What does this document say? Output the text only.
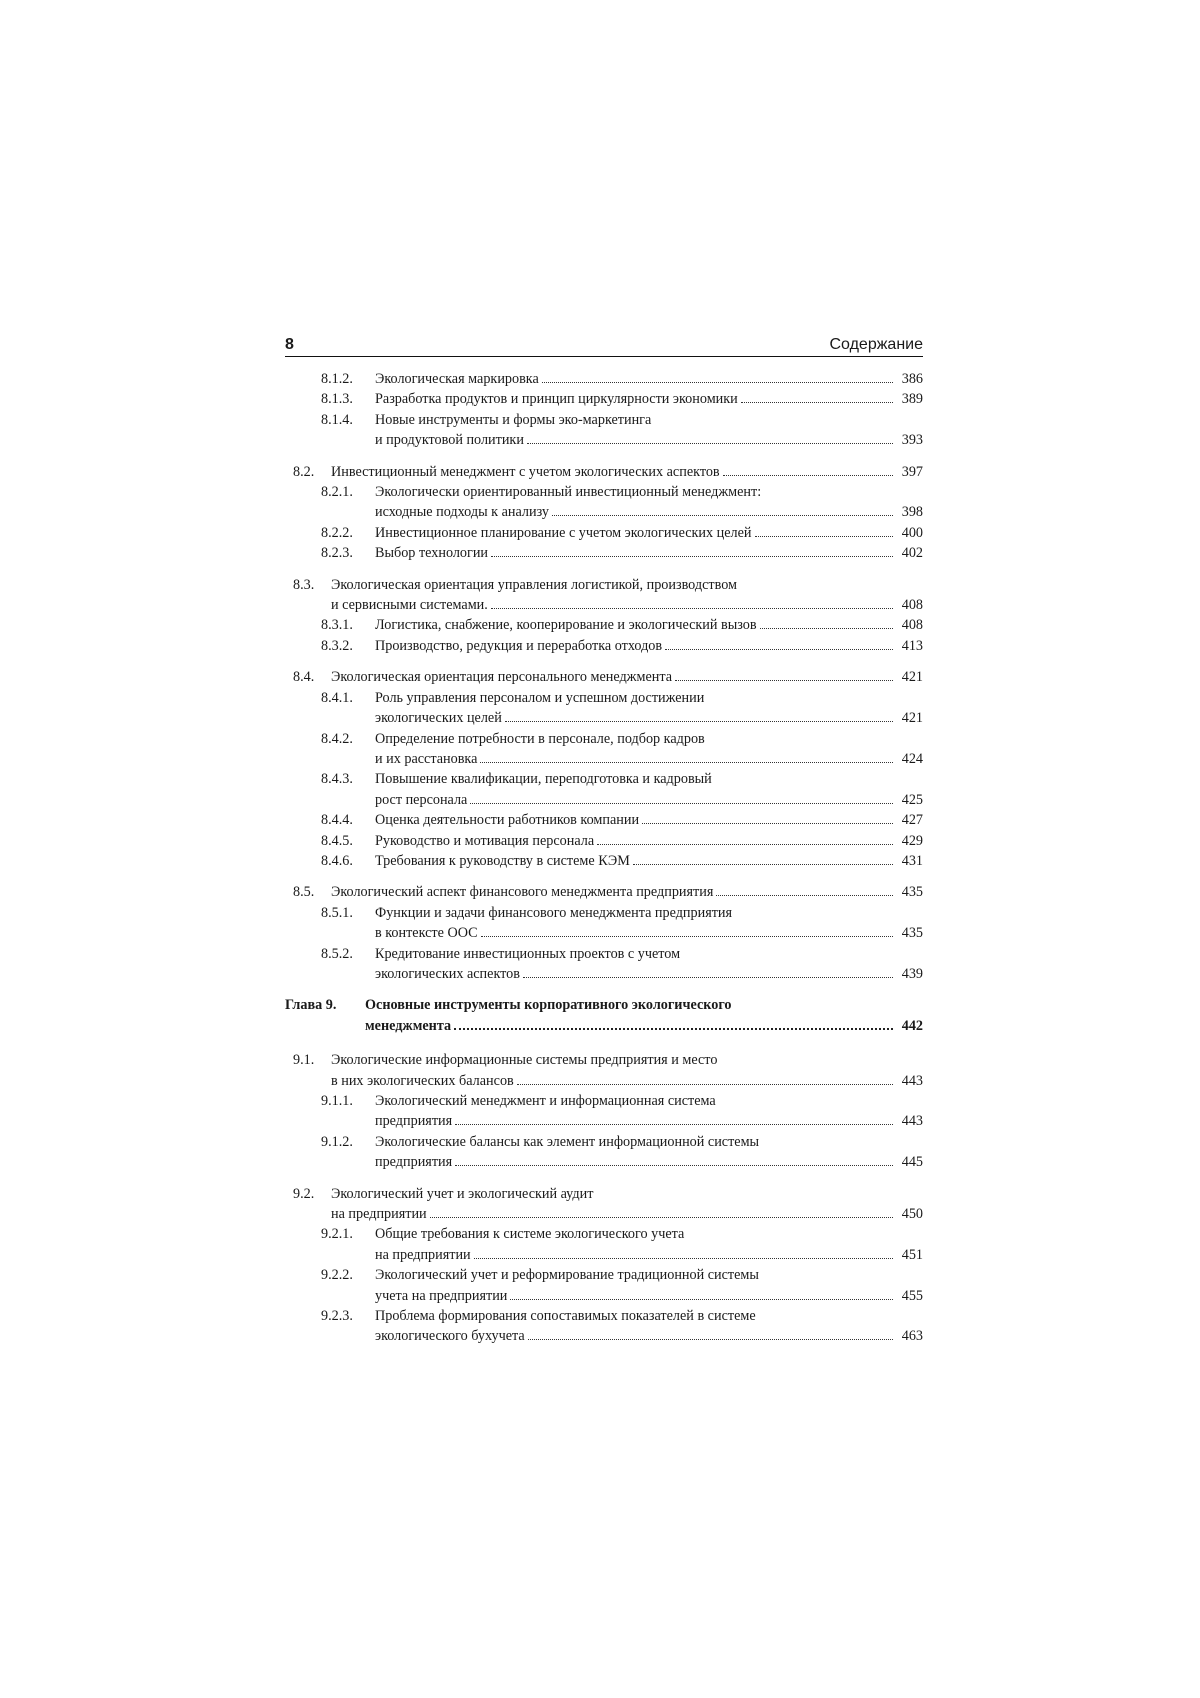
8	Содержание
8.1.2.	Экологическая маркировка	386
8.1.3.	Разработка продуктов и принцип циркулярности экономики	389
8.1.4.	Новые инструменты и формы эко-маркетинга
и продуктовой политики	393
8.2.	Инвестиционный менеджмент с учетом экологических аспектов	397
8.2.1.	Экологически ориентированный инвестиционный менеджмент:
исходные подходы к анализу	398
8.2.2.	Инвестиционное планирование с учетом экологических целей	400
8.2.3.	Выбор технологии	402
8.3.	Экологическая ориентация управления логистикой, производством
и сервисными системами.	408
8.3.1.	Логистика, снабжение, кооперирование и экологический вызов	408
8.3.2.	Производство, редукция и переработка отходов	413
8.4.	Экологическая ориентация персонального менеджмента	421
8.4.1.	Роль управления персоналом и успешном достижении
экологических целей	421
8.4.2.	Определение потребности в персонале, подбор кадров
и их расстановка	424
8.4.3.	Повышение квалификации, переподготовка и кадровый
рост персонала	425
8.4.4.	Оценка деятельности работников компании	427
8.4.5.	Руководство и мотивация персонала	429
8.4.6.	Требования к руководству в системе КЭМ	431
8.5.	Экологический аспект финансового менеджмента предприятия	435
8.5.1.	Функции и задачи финансового менеджмента предприятия
в контексте ООС	435
8.5.2.	Кредитование инвестиционных проектов с учетом
экологических аспектов	439
Глава 9.	Основные инструменты корпоративного экологического
менеджмента	442
9.1.	Экологические информационные системы предприятия и место
в них экологических балансов	443
9.1.1.	Экологический менеджмент и информационная система
предприятия	443
9.1.2.	Экологические балансы как элемент информационной системы
предприятия	445
9.2.	Экологический учет и экологический аудит
на предприятии	450
9.2.1.	Общие требования к системе экологического учета
на предприятии	451
9.2.2.	Экологический учет и реформирование традиционной системы
учета на предприятии	455
9.2.3.	Проблема формирования сопоставимых показателей в системе
экологического бухучета	463
